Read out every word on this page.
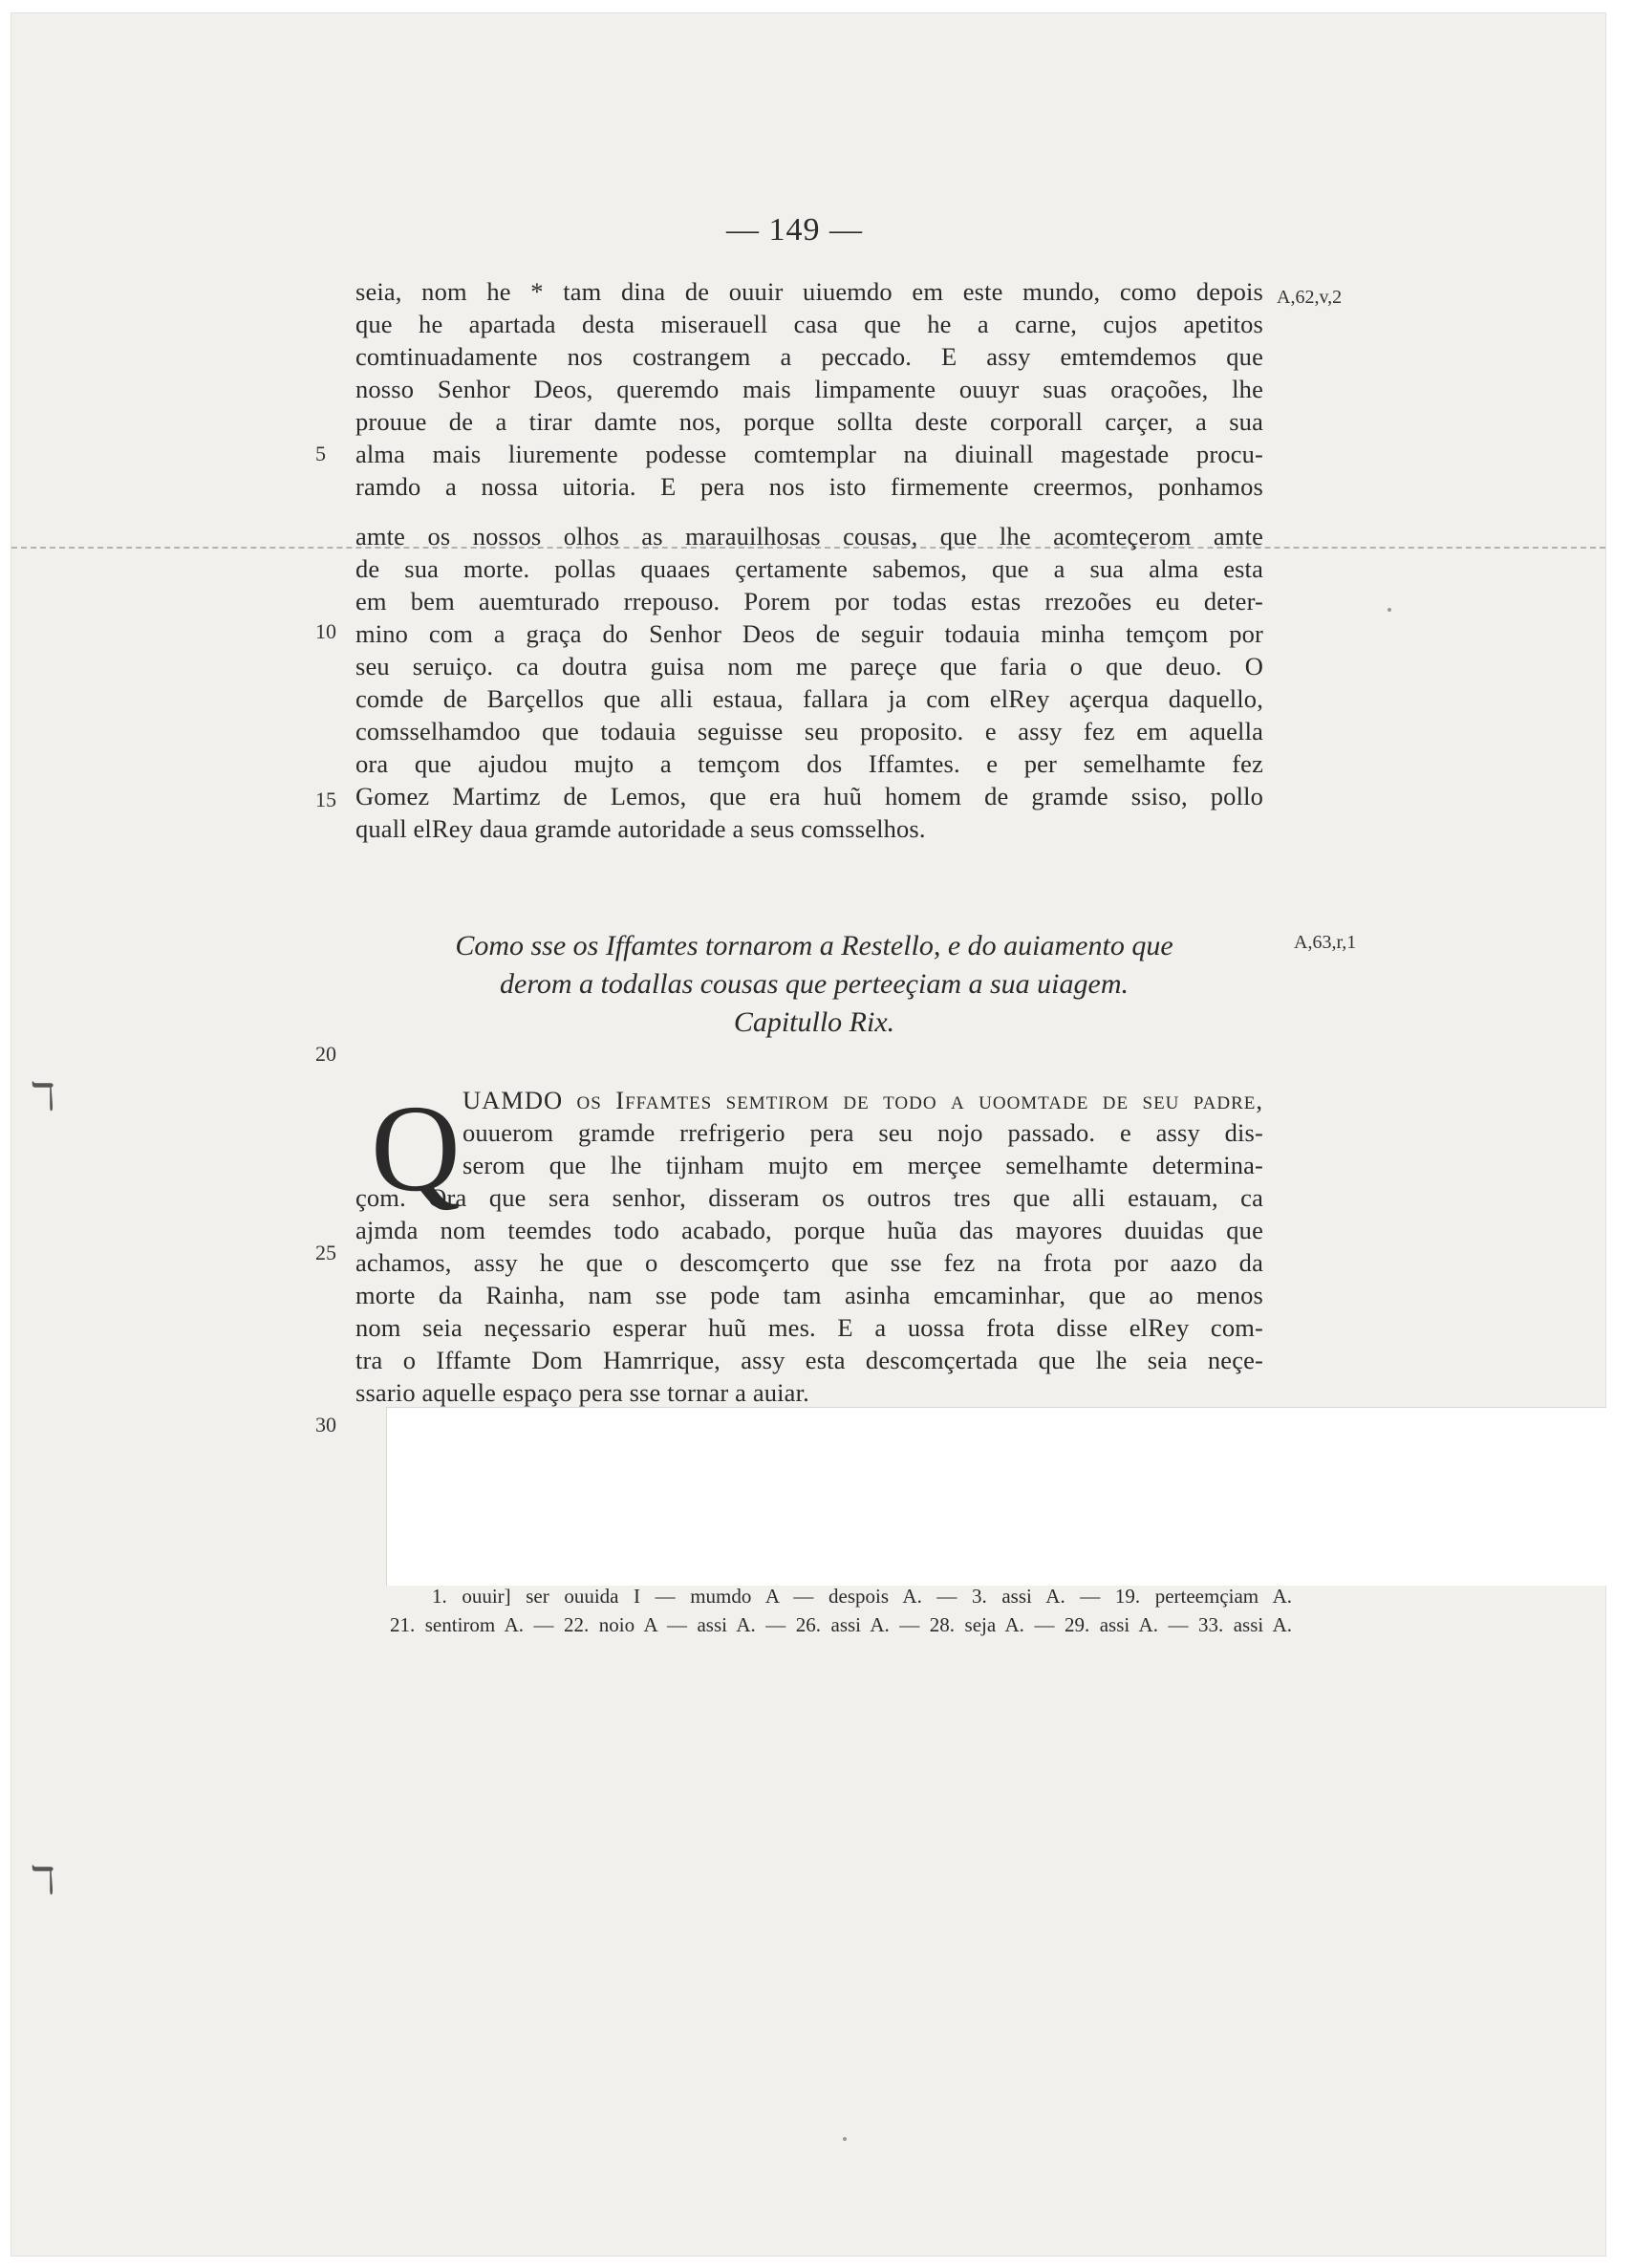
ℸ
ℸ
— 149 —
A,62,v,2
A,63,r,1
5
10
15
20
25
30
seia, nom he * tam dina de ouuir uiuemdo em este mundo, como depois
que he apartada desta miserauell casa que he a carne, cujos apetitos
comtinuadamente nos costrangem a peccado. E assy emtemdemos que
nosso Senhor Deos, queremdo mais limpamente ouuyr suas oraçoões, lhe
prouue de a tirar damte nos, porque sollta deste corporall carçer, a sua
alma mais liuremente podesse comtemplar na diuinall magestade procu-
ramdo a nossa uitoria. E pera nos isto firmemente creermos, ponhamos
amte os nossos olhos as marauilhosas cousas, que lhe acomteçerom amte
de sua morte. pollas quaaes çertamente sabemos, que a sua alma esta
em bem auemturado rrepouso. Porem por todas estas rrezoões eu deter-
mino com a graça do Senhor Deos de seguir todauia minha temçom por
seu seruiço. ca doutra guisa nom me pareçe que faria o que deuo. O
comde de Barçellos que alli estaua, fallara ja com elRey açerqua daquello,
comsselhamdoo que todauia seguisse seu proposito. e assy fez em aquella
ora que ajudou mujto a temçom dos Iffamtes. e per semelhamte fez
Gomez Martimz de Lemos, que era huũ homem de gramde ssiso, pollo
quall elRey daua gramde autoridade a seus comsselhos.
Como sse os Iffamtes tornarom a Restello, e do auiamento que
derom a todallas cousas que perteeçiam a sua uiagem.
Capitullo Rix.
Q UAMDO os Iffamtes semtirom de todo a uoomtade de seu padre,
ouuerom gramde rrefrigerio pera seu nojo passado. e assy dis-
serom que lhe tijnham mujto em merçee semelhamte determina-
çom. Ora que sera senhor, disseram os outros tres que alli estauam, ca
ajmda nom teemdes todo acabado, porque huũa das mayores duuidas que
achamos, assy he que o descomçerto que sse fez na frota por aazo da
morte da Rainha, nam sse pode tam asinha emcaminhar, que ao menos
nom seia neçessario esperar huũ mes. E a uossa frota disse elRey com-
tra o Iffamte Dom Hamrrique, assy esta descomçertada que lhe seia neçe-
ssario aquelle espaço pera sse tornar a auiar.
1. ouuir] ser ouuida I — mumdo A — despois A. — 3. assi A. — 19. perteemçiam A.
21. sentirom A. — 22. noio A — assi A. — 26. assi A. — 28. seja A. — 29. assi A. — 33. assi A.
